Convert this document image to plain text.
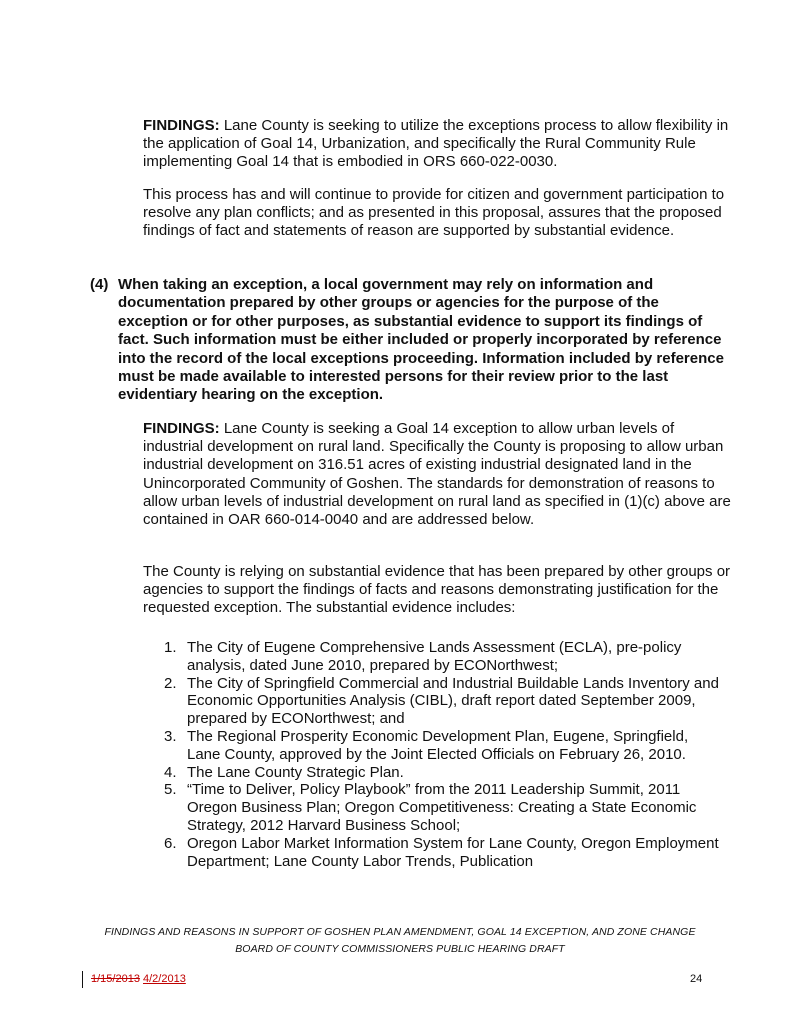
FINDINGS: Lane County is seeking to utilize the exceptions process to allow flexibility in the application of Goal 14, Urbanization, and specifically the Rural Community Rule implementing Goal 14 that is embodied in ORS 660-022-0030.

This process has and will continue to provide for citizen and government participation to resolve any plan conflicts; and as presented in this proposal, assures that the proposed findings of fact and statements of reason are supported by substantial evidence.

(4) When taking an exception, a local government may rely on information and documentation prepared by other groups or agencies for the purpose of the exception or for other purposes, as substantial evidence to support its findings of fact. Such information must be either included or properly incorporated by reference into the record of the local exceptions proceeding. Information included by reference must be made available to interested persons for their review prior to the last evidentiary hearing on the exception.

FINDINGS: Lane County is seeking a Goal 14 exception to allow urban levels of industrial development on rural land. Specifically the County is proposing to allow urban industrial development on 316.51 acres of existing industrial designated land in the Unincorporated Community of Goshen. The standards for demonstration of reasons to allow urban levels of industrial development on rural land as specified in (1)(c) above are contained in OAR 660-014-0040 and are addressed below.

The County is relying on substantial evidence that has been prepared by other groups or agencies to support the findings of facts and reasons demonstrating justification for the requested exception. The substantial evidence includes:

1. The City of Eugene Comprehensive Lands Assessment (ECLA), pre-policy analysis, dated June 2010, prepared by ECONorthwest;
2. The City of Springfield Commercial and Industrial Buildable Lands Inventory and Economic Opportunities Analysis (CIBL), draft report dated September 2009, prepared by ECONorthwest; and
3. The Regional Prosperity Economic Development Plan, Eugene, Springfield, Lane County, approved by the Joint Elected Officials on February 26, 2010.
4. The Lane County Strategic Plan.
5. “Time to Deliver, Policy Playbook” from the 2011 Leadership Summit, 2011 Oregon Business Plan; Oregon Competitiveness: Creating a State Economic Strategy, 2012 Harvard Business School;
6. Oregon Labor Market Information System for Lane County, Oregon Employment Department; Lane County Labor Trends, Publication
FINDINGS AND REASONS IN SUPPORT OF GOSHEN PLAN AMENDMENT, GOAL 14 EXCEPTION, AND ZONE CHANGE
BOARD OF COUNTY COMMISSIONERS PUBLIC HEARING DRAFT
1/15/2013 4/2/2013	24
